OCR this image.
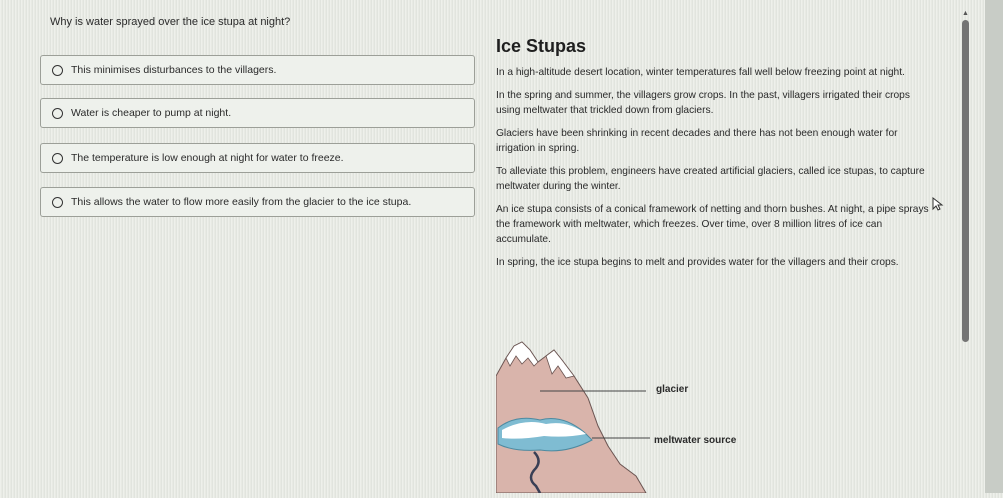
Why is water sprayed over the ice stupa at night?
This minimises disturbances to the villagers.
Water is cheaper to pump at night.
The temperature is low enough at night for water to freeze.
This allows the water to flow more easily from the glacier to the ice stupa.
Ice Stupas

In a high-altitude desert location, winter temperatures fall well below freezing point at night.

In the spring and summer, the villagers grow crops. In the past, villagers irrigated their crops using meltwater that trickled down from glaciers.

Glaciers have been shrinking in recent decades and there has not been enough water for irrigation in spring.

To alleviate this problem, engineers have created artificial glaciers, called ice stupas, to capture meltwater during the winter.

An ice stupa consists of a conical framework of netting and thorn bushes. At night, a pipe sprays the framework with meltwater, which freezes. Over time, over 8 million litres of ice can accumulate.

In spring, the ice stupa begins to melt and provides water for the villagers and their crops.

glacier
meltwater source
▲
